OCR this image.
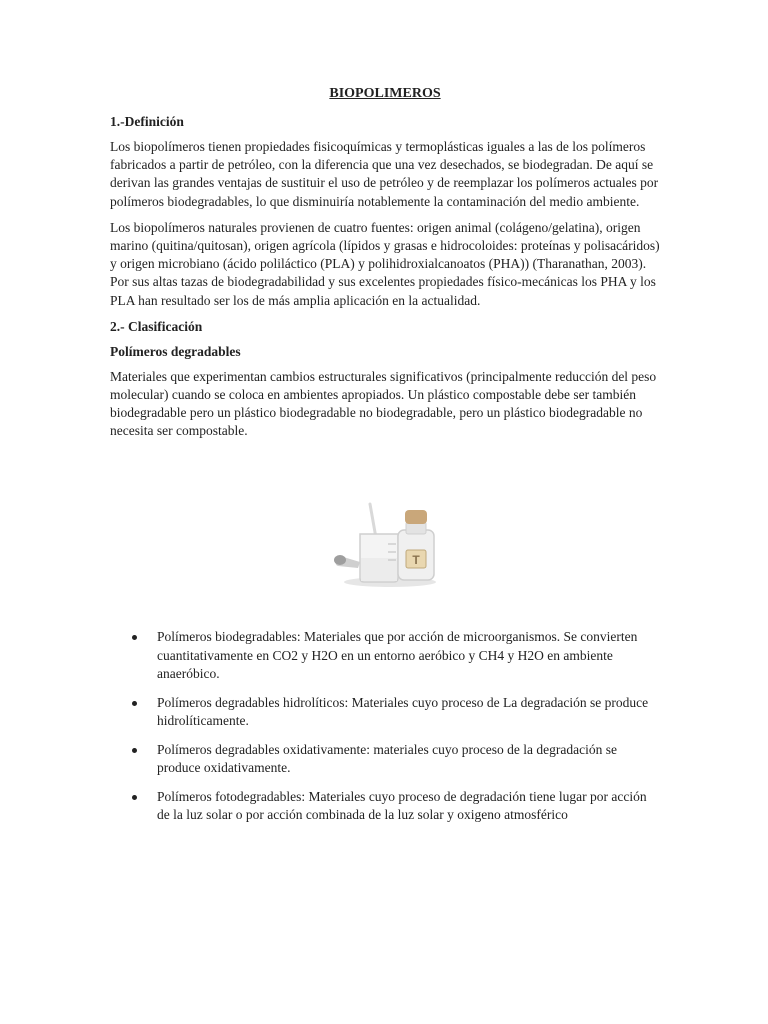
BIOPOLIMEROS
1.-Definición

Los biopolímeros tienen propiedades fisicoquímicas y termoplásticas iguales a las de los polímeros fabricados a partir de petróleo, con la diferencia que una vez desechados, se biodegradan. De aquí se derivan las grandes ventajas de sustituir el uso de petróleo y de reemplazar los polímeros actuales por polímeros biodegradables, lo que disminuiría notablemente la contaminación del medio ambiente.

Los biopolímeros naturales provienen de cuatro fuentes: origen animal (colágeno/gelatina), origen marino (quitina/quitosan), origen agrícola (lípidos y grasas e hidrocoloides: proteínas y polisacáridos) y origen microbiano (ácido poliláctico (PLA) y polihidroxialcanoatos (PHA)) (Tharanathan, 2003). Por sus altas tazas de biodegradabilidad y sus excelentes propiedades físico-mecánicas los PHA y los PLA han resultado ser los de más amplia aplicación en la actualidad.

2.- Clasificación
Polímeros degradables

Materiales que experimentan cambios estructurales significativos (principalmente reducción del peso molecular) cuando se coloca en ambientes apropiados. Un plástico compostable debe ser también biodegradable pero un plástico biodegradable no biodegradable, pero un plástico biodegradable no necesita ser compostable.

T
Polímeros biodegradables: Materiales que por acción de microorganismos. Se convierten cuantitativamente en CO2 y H2O en un entorno aeróbico y CH4 y H2O en ambiente anaeróbico.
Polímeros degradables hidrolíticos: Materiales cuyo proceso de La degradación se produce hidrolíticamente.
Polímeros degradables oxidativamente: materiales cuyo proceso de la degradación se produce oxidativamente.
Polímeros fotodegradables: Materiales cuyo proceso de degradación tiene lugar por acción de la luz solar o por acción combinada de la luz solar y oxigeno atmosférico
